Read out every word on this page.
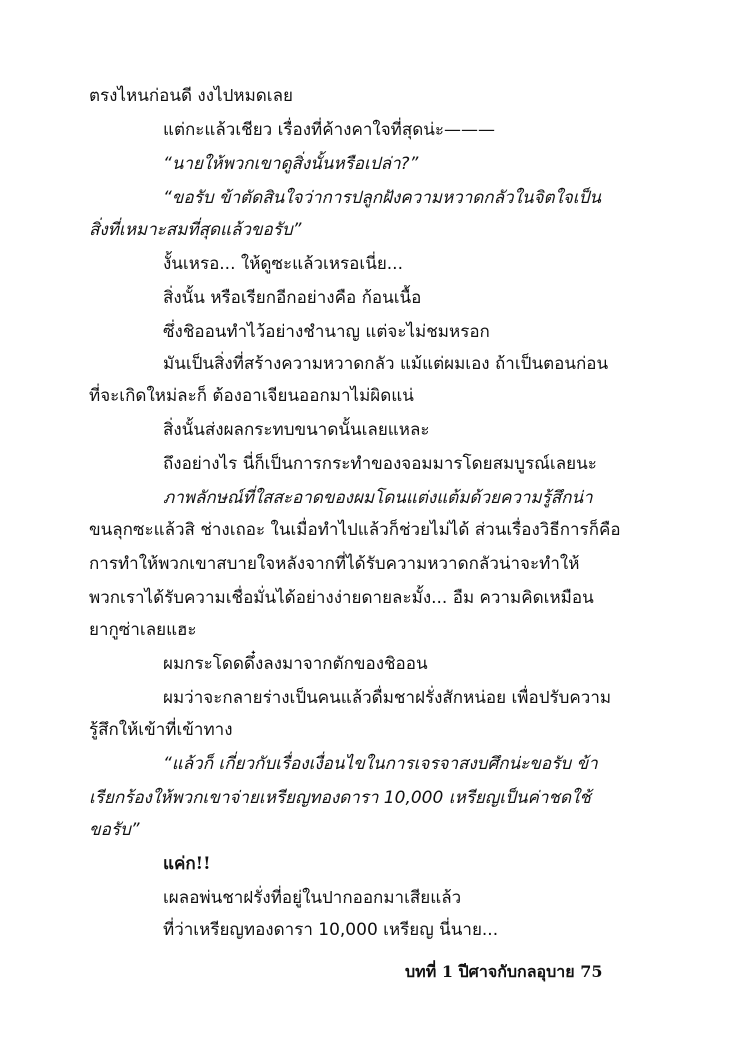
ตรงไหนก่อนดี งงไปหมดเลย
แต่กะแล้วเชียว เรื่องที่ค้างคาใจที่สุดน่ะ———
“นายให้พวกเขาดูสิ่งนั้นหรือเปล่า?”
“ขอรับ ข้าตัดสินใจว่าการปลูกฝังความหวาดกลัวในจิตใจเป็น
สิ่งที่เหมาะสมที่สุดแล้วขอรับ”
งั้นเหรอ... ให้ดูซะแล้วเหรอเนี่ย...
สิ่งนั้น หรือเรียกอีกอย่างคือ ก้อนเนื้อ
ซึ่งชิออนทำไว้อย่างชำนาญ แต่จะไม่ชมหรอก
มันเป็นสิ่งที่สร้างความหวาดกลัว แม้แต่ผมเอง ถ้าเป็นตอนก่อน
ที่จะเกิดใหม่ละก็ ต้องอาเจียนออกมาไม่ผิดแน่
สิ่งนั้นส่งผลกระทบขนาดนั้นเลยแหละ
ถึงอย่างไร นี่ก็เป็นการกระทำของจอมมารโดยสมบูรณ์เลยนะ
ภาพลักษณ์ที่ใสสะอาดของผมโดนแต่งแต้มด้วยความรู้สึกน่า
ขนลุกซะแล้วสิ ช่างเถอะ ในเมื่อทำไปแล้วก็ช่วยไม่ได้ ส่วนเรื่องวิธีการก็คือ
การทำให้พวกเขาสบายใจหลังจากที่ได้รับความหวาดกลัวน่าจะทำให้
พวกเราได้รับความเชื่อมั่นได้อย่างง่ายดายละมั้ง... อืม ความคิดเหมือน
ยากูซ่าเลยแฮะ
ผมกระโดดดึ๋งลงมาจากตักของชิออน
ผมว่าจะกลายร่างเป็นคนแล้วดื่มชาฝรั่งสักหน่อย เพื่อปรับความ
รู้สึกให้เข้าที่เข้าทาง
“แล้วก็ เกี่ยวกับเรื่องเงื่อนไขในการเจรจาสงบศึกน่ะขอรับ ข้า
เรียกร้องให้พวกเขาจ่ายเหรียญทองดารา 10,000 เหรียญเป็นค่าชดใช้
ขอรับ”
แค่ก!!
เผลอพ่นชาฝรั่งที่อยู่ในปากออกมาเสียแล้ว
ที่ว่าเหรียญทองดารา 10,000 เหรียญ นี่นาย...
บทที่ 1 ปีศาจกับกลอุบาย 75
